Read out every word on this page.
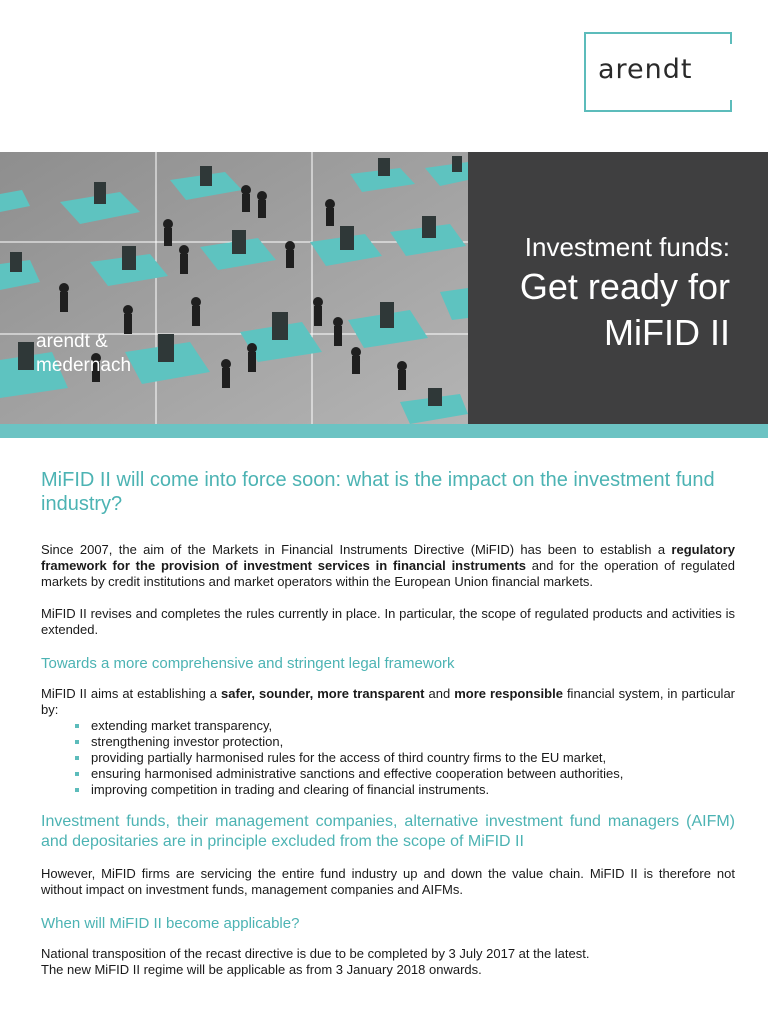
arendt
arendt &
medernach
Investment funds:
Get ready for
MiFID II
MiFID II will come into force soon: what is the impact on the investment fund industry?

Since 2007, the aim of the Markets in Financial Instruments Directive (MiFID) has been to establish a regulatory framework for the provision of investment services in financial instruments and for the operation of regulated markets by credit institutions and market operators within the European Union financial markets.

MiFID II revises and completes the rules currently in place. In particular, the scope of regulated products and activities is extended.

Towards a more comprehensive and stringent legal framework

MiFID II aims at establishing a safer, sounder, more transparent and more responsible financial system, in particular by:

extending market transparency,
strengthening investor protection,
providing partially harmonised rules for the access of third country firms to the EU market,
ensuring harmonised administrative sanctions and effective cooperation between authorities,
improving competition in trading and clearing of financial instruments.
Investment funds, their management companies, alternative investment fund managers (AIFM) and depositaries are in principle excluded from the scope of MiFID II

However, MiFID firms are servicing the entire fund industry up and down the value chain. MiFID II is therefore not without impact on investment funds, management companies and AIFMs.

When will MiFID II become applicable?

National transposition of the recast directive is due to be completed by 3 July 2017 at the latest.
The new MiFID II regime will be applicable as from 3 January 2018 onwards.
